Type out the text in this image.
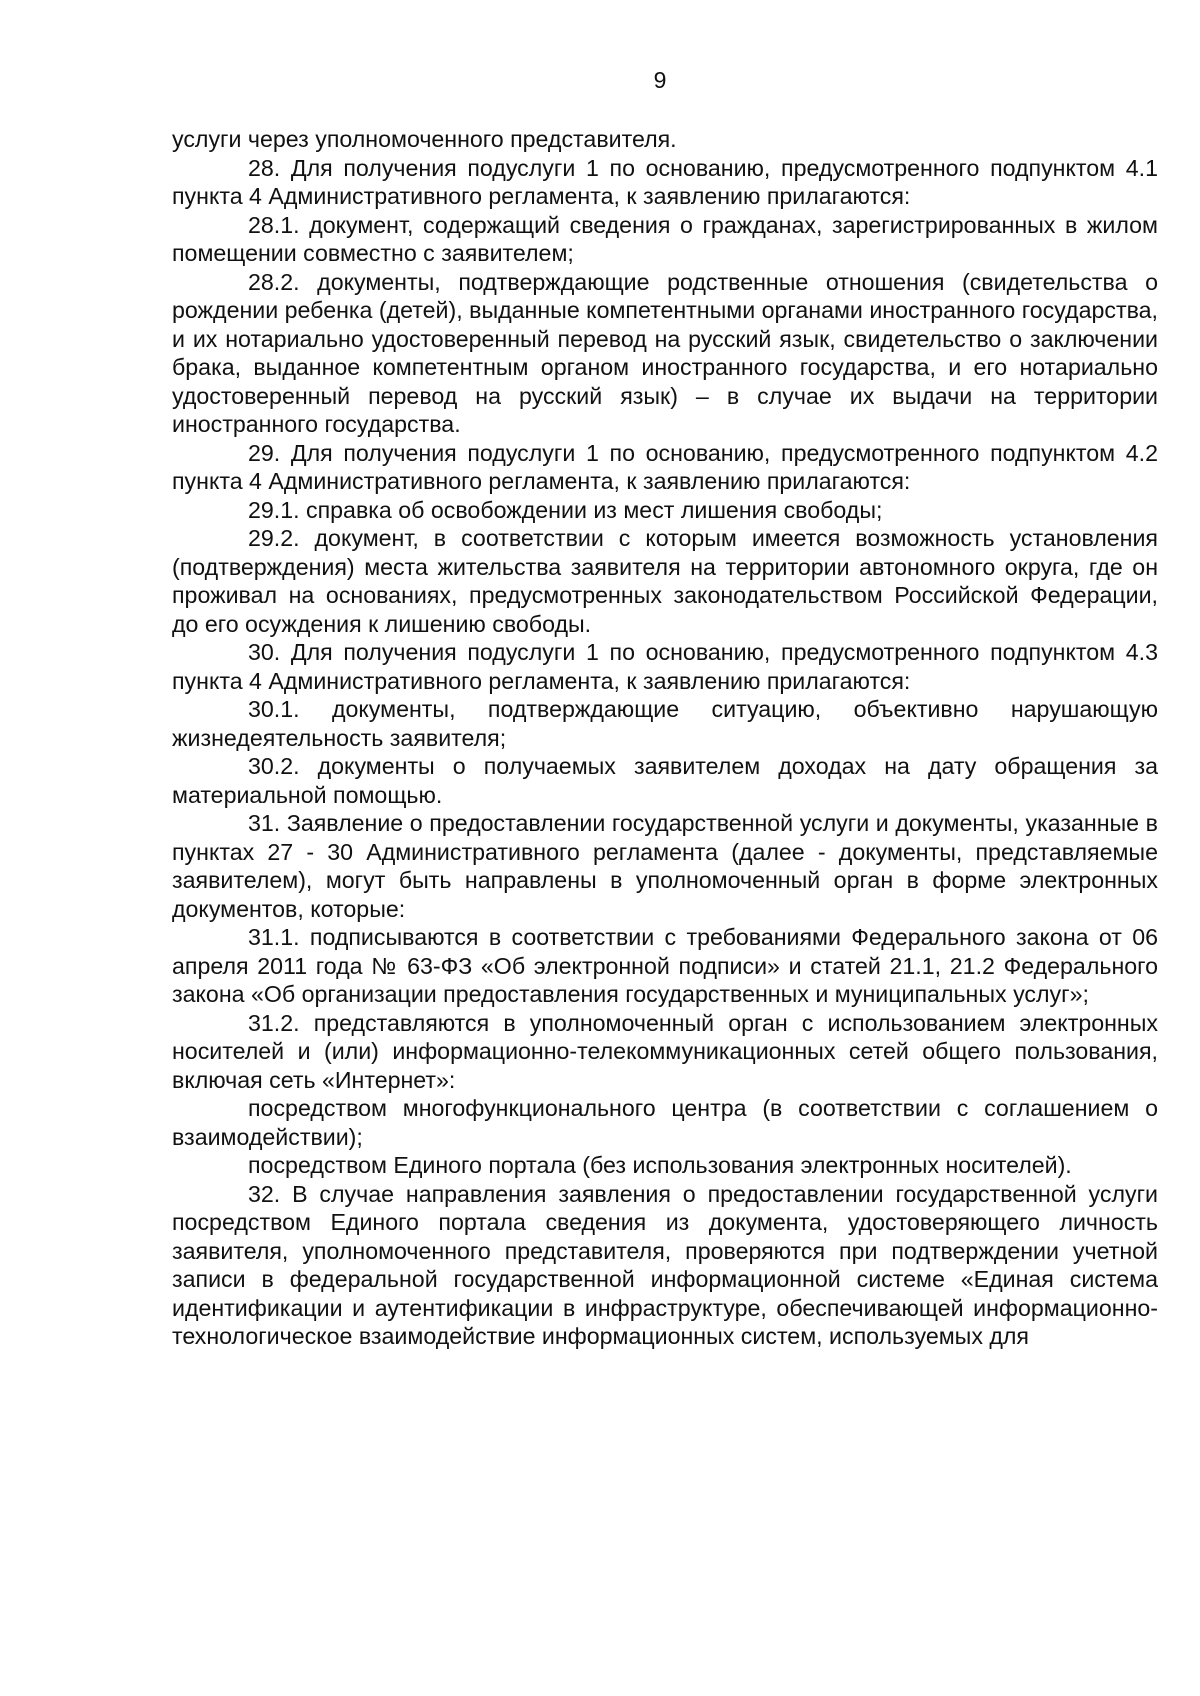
9

услуги через уполномоченного представителя.

28. Для получения подуслуги 1 по основанию, предусмотренного подпунктом 4.1 пункта 4 Административного регламента, к заявлению прилагаются:

28.1. документ, содержащий сведения о гражданах, зарегистрированных в жилом помещении совместно с заявителем;

28.2. документы, подтверждающие родственные отношения (свидетельства о рождении ребенка (детей), выданные компетентными органами иностранного государства, и их нотариально удостоверенный перевод на русский язык, свидетельство о заключении брака, выданное компетентным органом иностранного государства, и его нотариально удостоверенный перевод на русский язык) – в случае их выдачи на территории иностранного государства.

29. Для получения подуслуги 1 по основанию, предусмотренного подпунктом 4.2 пункта 4 Административного регламента, к заявлению прилагаются:

29.1. справка об освобождении из мест лишения свободы;

29.2. документ, в соответствии с которым имеется возможность установления (подтверждения) места жительства заявителя на территории автономного округа, где он проживал на основаниях, предусмотренных законодательством Российской Федерации, до его осуждения к лишению свободы.

30. Для получения подуслуги 1 по основанию, предусмотренного подпунктом 4.3 пункта 4 Административного регламента, к заявлению прилагаются:

30.1. документы, подтверждающие ситуацию, объективно нарушающую жизнедеятельность заявителя;

30.2. документы о получаемых заявителем доходах на дату обращения за материальной помощью.

31. Заявление о предоставлении государственной услуги и документы, указанные в пунктах 27 - 30 Административного регламента (далее - документы, представляемые заявителем), могут быть направлены в уполномоченный орган в форме электронных документов, которые:

31.1. подписываются в соответствии с требованиями Федерального закона от 06 апреля 2011 года № 63-ФЗ «Об электронной подписи» и статей 21.1, 21.2 Федерального закона «Об организации предоставления государственных и муниципальных услуг»;

31.2. представляются в уполномоченный орган с использованием электронных носителей и (или) информационно-телекоммуникационных сетей общего пользования, включая сеть «Интернет»:

посредством многофункционального центра (в соответствии с соглашением о взаимодействии);

посредством Единого портала (без использования электронных носителей).

32. В случае направления заявления о предоставлении государственной услуги посредством Единого портала сведения из документа, удостоверяющего личность заявителя, уполномоченного представителя, проверяются при подтверждении учетной записи в федеральной государственной информационной системе «Единая система идентификации и аутентификации в инфраструктуре, обеспечивающей информационно-технологическое взаимодействие информационных систем, используемых для
